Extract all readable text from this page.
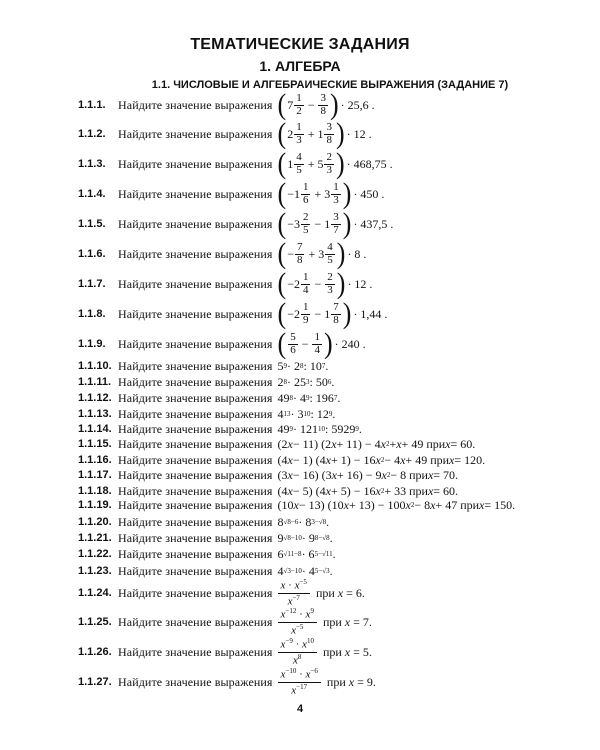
ТЕМАТИЧЕСКИЕ ЗАДАНИЯ
1. АЛГЕБРА
1.1. ЧИСЛОВЫЕ И АЛГЕБРАИЧЕСКИЕ ВЫРАЖЕНИЯ (ЗАДАНИЕ 7)
1.1.1. Найдите значение выражения ( $7 \frac{1}{2} - \frac{3}{8}$ ) · 25,6 .
1.1.2. Найдите значение выражения ( $2 \frac{1}{3} + 1 \frac{3}{8}$ ) · 12 .
1.1.3. Найдите значение выражения ( $1 \frac{4}{5} + 5 \frac{2}{3}$ ) · 468,75 .
1.1.4. Найдите значение выражения ( $-1 \frac{1}{6} + 3 \frac{1}{3}$ ) · 450 .
1.1.5. Найдите значение выражения ( $-3 \frac{2}{5} - 1 \frac{3}{7}$ ) · 437,5 .
1.1.6. Найдите значение выражения ( − $\frac{7}{8} + 3 \frac{4}{5}$ ) · 8 .
1.1.7. Найдите значение выражения ( $-2 \frac{1}{4} - \frac{2}{3}$ ) · 12 .
1.1.8. Найдите значение выражения ( $-2 \frac{1}{9} - 1 \frac{7}{8}$ ) · 1,44 .
1.1.9. Найдите значение выражения ( $\frac{5}{6} - \frac{1}{4}$ ) · 240 .
1.1.10. Найдите значение выражения 5 9 · 2 8 : 10 7 .
1.1.11. Найдите значение выражения 2 8 · 25 3 : 50 6 .
1.1.12. Найдите значение выражения 49 8 · 4 9 : 196 7 .
1.1.13. Найдите значение выражения 4 13 · 3 10 : 12 9 .
1.1.14. Найдите значение выражения 49 9 · 121 10 : 5929 9 .
1.1.15. Найдите значение выражения (2 x − 11) (2 x + 11) − 4 x 2 + x + 49 при x = 60.
1.1.16. Найдите значение выражения (4 x − 1) (4 x + 1) − 16 x 2 − 4 x + 49 при x = 120.
1.1.17. Найдите значение выражения (3 x − 16) (3 x + 16) − 9 x 2 − 8 при x = 70.
1.1.18. Найдите значение выражения (4 x − 5) (4 x + 5) − 16 x 2 + 33 при x = 60.
1.1.19. Найдите значение выражения (10 x − 13) (10 x + 13) − 100 x 2 − 8 x + 47 при x = 150.
1.1.20. Найдите значение выражения 8 √8−6 · 8 3−√8 .
1.1.21. Найдите значение выражения 9 √8−10 · 9 8−√8 .
1.1.22. Найдите значение выражения 6 √11−8 · 6 5−√11 .
1.1.23. Найдите значение выражения 4 √3−10 · 4 5−√3 .
1.1.24. Найдите значение выражения $\frac{x \cdot x^{-5}}{x^{-7}}$ при x = 6.
1.1.25. Найдите значение выражения $\frac{x^{-12} \cdot x^9}{x^{-5}}$ при x = 7.
1.1.26. Найдите значение выражения $\frac{x^{-9} \cdot x^{10}}{x^8}$ при x = 5.
1.1.27. Найдите значение выражения $\frac{x^{-10} \cdot x^{-6}}{x^{-17}}$ при x = 9.
4
